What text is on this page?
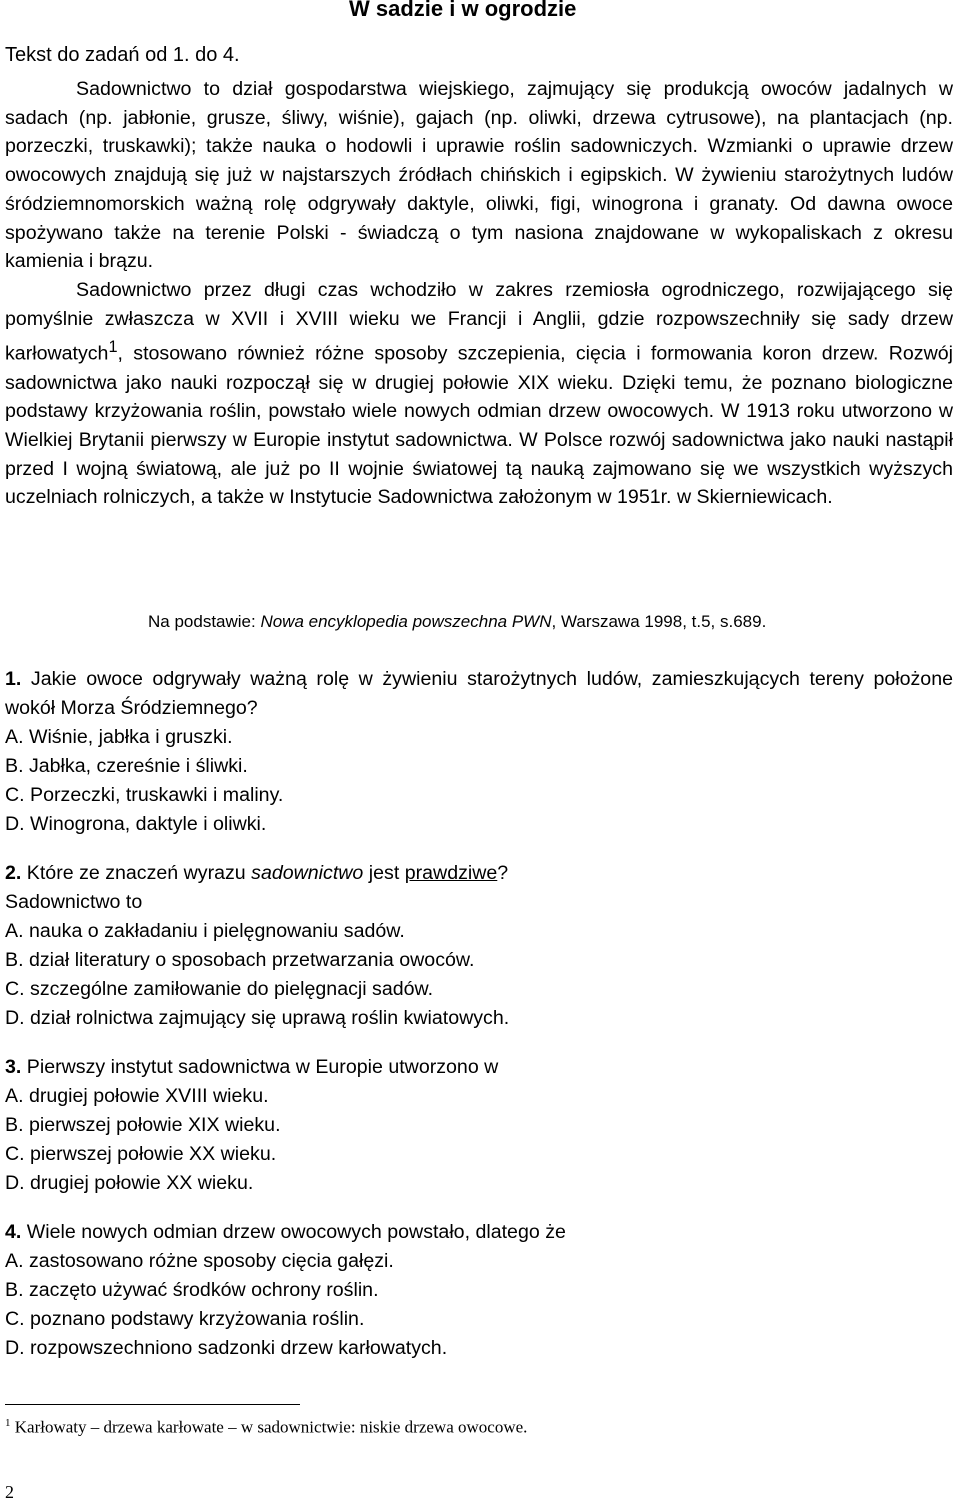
W sadzie i w ogrodzie
Tekst do zadań od 1. do 4.

Sadownictwo to dział gospodarstwa wiejskiego, zajmujący się produkcją owoców jadalnych w sadach (np. jabłonie, grusze, śliwy, wiśnie), gajach (np. oliwki, drzewa cytrusowe), na plantacjach (np. porzeczki, truskawki); także nauka o hodowli i uprawie roślin sadowniczych. Wzmianki o uprawie drzew owocowych znajdują się już w najstarszych źródłach chińskich i egipskich. W żywieniu starożytnych ludów śródziemnomorskich ważną rolę odgrywały daktyle, oliwki, figi, winogrona i granaty. Od dawna owoce spożywano także na terenie Polski - świadczą o tym nasiona znajdowane w wykopaliskach z okresu kamienia i brązu.

Sadownictwo przez długi czas wchodziło w zakres rzemiosła ogrodniczego, rozwijającego się pomyślnie zwłaszcza w XVII i XVIII wieku we Francji i Anglii, gdzie rozpowszechniły się sady drzew karłowatych$^1$, stosowano również różne sposoby szczepienia, cięcia i formowania koron drzew. Rozwój sadownictwa jako nauki rozpoczął się w drugiej połowie XIX wieku. Dzięki temu, że poznano biologiczne podstawy krzyżowania roślin, powstało wiele nowych odmian drzew owocowych. W 1913 roku utworzono w Wielkiej Brytanii pierwszy w Europie instytut sadownictwa. W Polsce rozwój sadownictwa jako nauki nastąpił przed I wojną światową, ale już po II wojnie światowej tą nauką zajmowano się we wszystkich wyższych uczelniach rolniczych, a także w Instytucie Sadownictwa założonym w 1951r. w Skierniewicach.

Na podstawie: Nowa encyklopedia powszechna PWN, Warszawa 1998, t.5, s.689.
1. Jakie owoce odgrywały ważną rolę w żywieniu starożytnych ludów, zamieszkujących tereny położone wokół Morza Śródziemnego?
A. Wiśnie, jabłka i gruszki.
B. Jabłka, czereśnie i śliwki.
C. Porzeczki, truskawki i maliny.
D. Winogrona, daktyle i oliwki.
2. Które ze znaczeń wyrazu sadownictwo jest prawdziwe?
Sadownictwo to
A. nauka o zakładaniu i pielęgnowaniu sadów.
B. dział literatury o sposobach przetwarzania owoców.
C. szczególne zamiłowanie do pielęgnacji sadów.
D. dział rolnictwa zajmujący się uprawą roślin kwiatowych.
3. Pierwszy instytut sadownictwa w Europie utworzono w
A. drugiej połowie XVIII wieku.
B. pierwszej połowie XIX wieku.
C. pierwszej połowie XX wieku.
D. drugiej połowie XX wieku.
4. Wiele nowych odmian drzew owocowych powstało, dlatego że
A. zastosowano różne sposoby cięcia gałęzi.
B. zaczęto używać środków ochrony roślin.
C. poznano podstawy krzyżowania roślin.
D. rozpowszechniono sadzonki drzew karłowatych.
$^1$ Karłowaty – drzewa karłowate – w sadownictwie: niskie drzewa owocowe.
2
